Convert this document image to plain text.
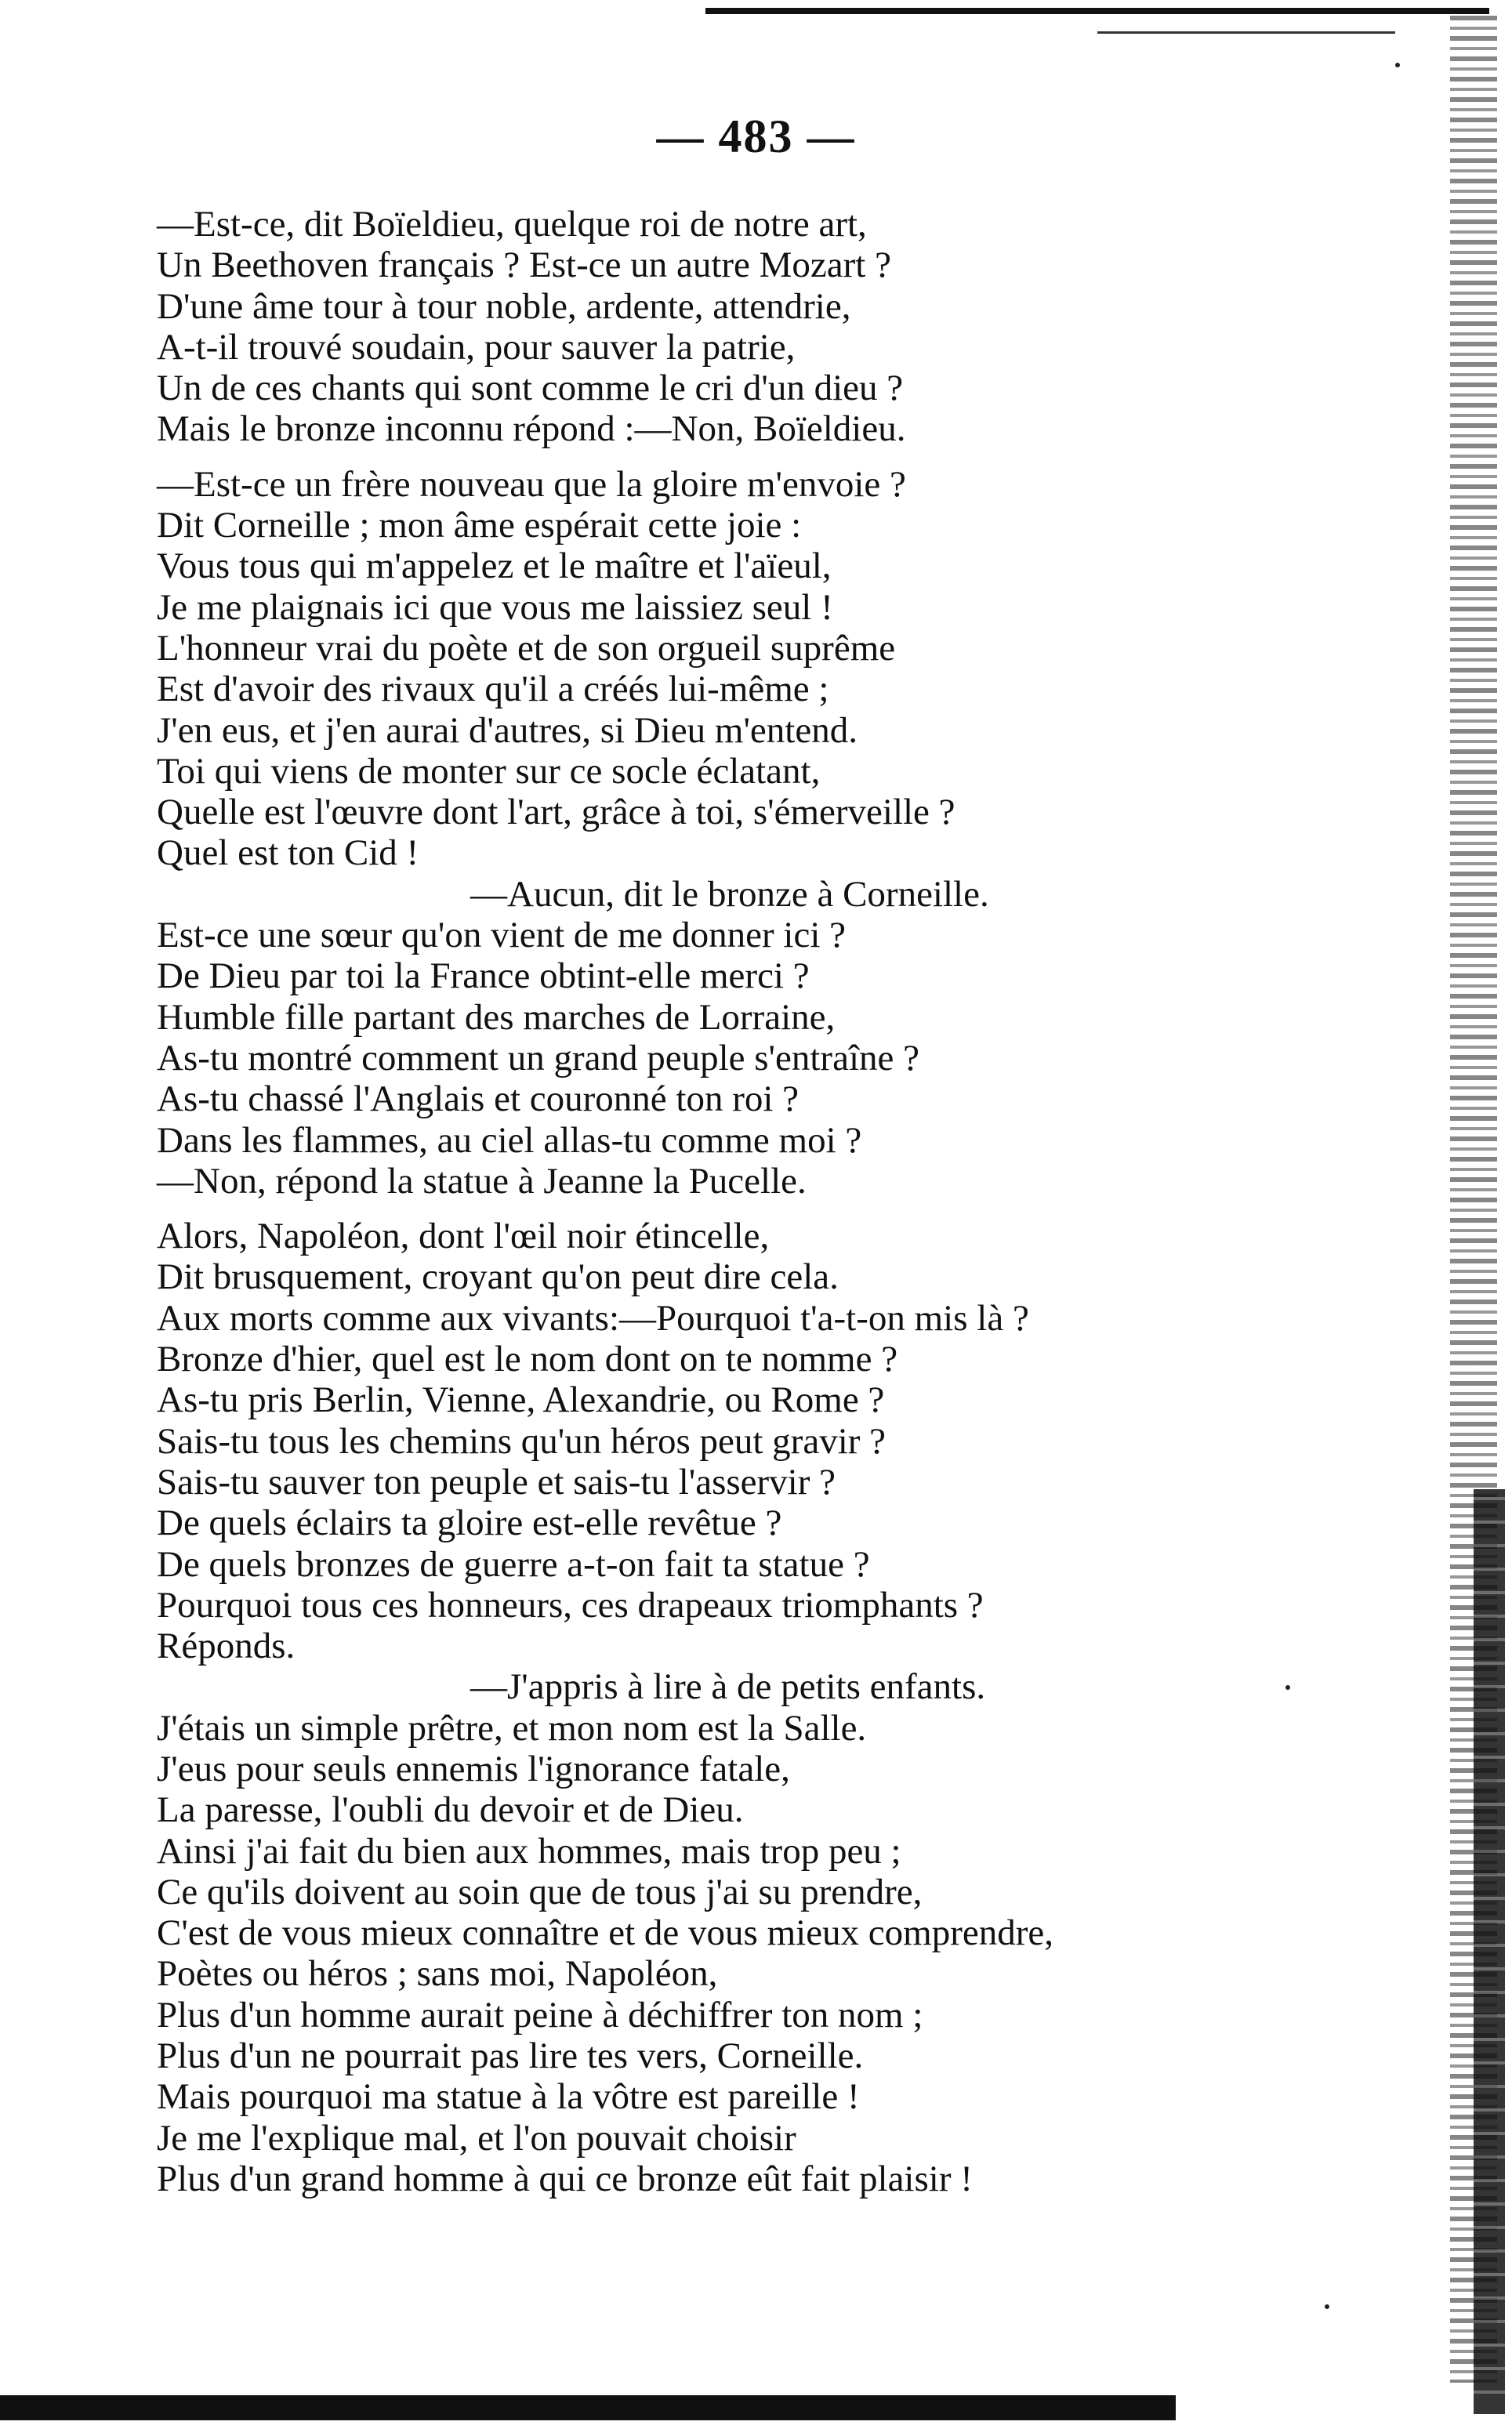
— 483 —
—Est-ce, dit Boïeldieu, quelque roi de notre art,
Un Beethoven français ? Est-ce un autre Mozart ?
D'une âme tour à tour noble, ardente, attendrie,
A-t-il trouvé soudain, pour sauver la patrie,
Un de ces chants qui sont comme le cri d'un dieu ?
Mais le bronze inconnu répond :—Non, Boïeldieu.
—Est-ce un frère nouveau que la gloire m'envoie ?
Dit Corneille ; mon âme espérait cette joie :
Vous tous qui m'appelez et le maître et l'aïeul,
Je me plaignais ici que vous me laissiez seul !
L'honneur vrai du poète et de son orgueil suprême
Est d'avoir des rivaux qu'il a créés lui-même ;
J'en eus, et j'en aurai d'autres, si Dieu m'entend.
Toi qui viens de monter sur ce socle éclatant,
Quelle est l'œuvre dont l'art, grâce à toi, s'émerveille ?
Quel est ton Cid !
—Aucun, dit le bronze à Corneille.
Est-ce une sœur qu'on vient de me donner ici ?
De Dieu par toi la France obtint-elle merci ?
Humble fille partant des marches de Lorraine,
As-tu montré comment un grand peuple s'entraîne ?
As-tu chassé l'Anglais et couronné ton roi ?
Dans les flammes, au ciel allas-tu comme moi ?
—Non, répond la statue à Jeanne la Pucelle.
Alors, Napoléon, dont l'œil noir étincelle,
Dit brusquement, croyant qu'on peut dire cela.
Aux morts comme aux vivants:—Pourquoi t'a-t-on mis là ?
Bronze d'hier, quel est le nom dont on te nomme ?
As-tu pris Berlin, Vienne, Alexandrie, ou Rome ?
Sais-tu tous les chemins qu'un héros peut gravir ?
Sais-tu sauver ton peuple et sais-tu l'asservir ?
De quels éclairs ta gloire est-elle revêtue ?
De quels bronzes de guerre a-t-on fait ta statue ?
Pourquoi tous ces honneurs, ces drapeaux triomphants ?
Réponds.
—J'appris à lire à de petits enfants.
J'étais un simple prêtre, et mon nom est la Salle.
J'eus pour seuls ennemis l'ignorance fatale,
La paresse, l'oubli du devoir et de Dieu.
Ainsi j'ai fait du bien aux hommes, mais trop peu ;
Ce qu'ils doivent au soin que de tous j'ai su prendre,
C'est de vous mieux connaître et de vous mieux comprendre,
Poètes ou héros ; sans moi, Napoléon,
Plus d'un homme aurait peine à déchiffrer ton nom ;
Plus d'un ne pourrait pas lire tes vers, Corneille.
Mais pourquoi ma statue à la vôtre est pareille !
Je me l'explique mal, et l'on pouvait choisir
Plus d'un grand homme à qui ce bronze eût fait plaisir !
